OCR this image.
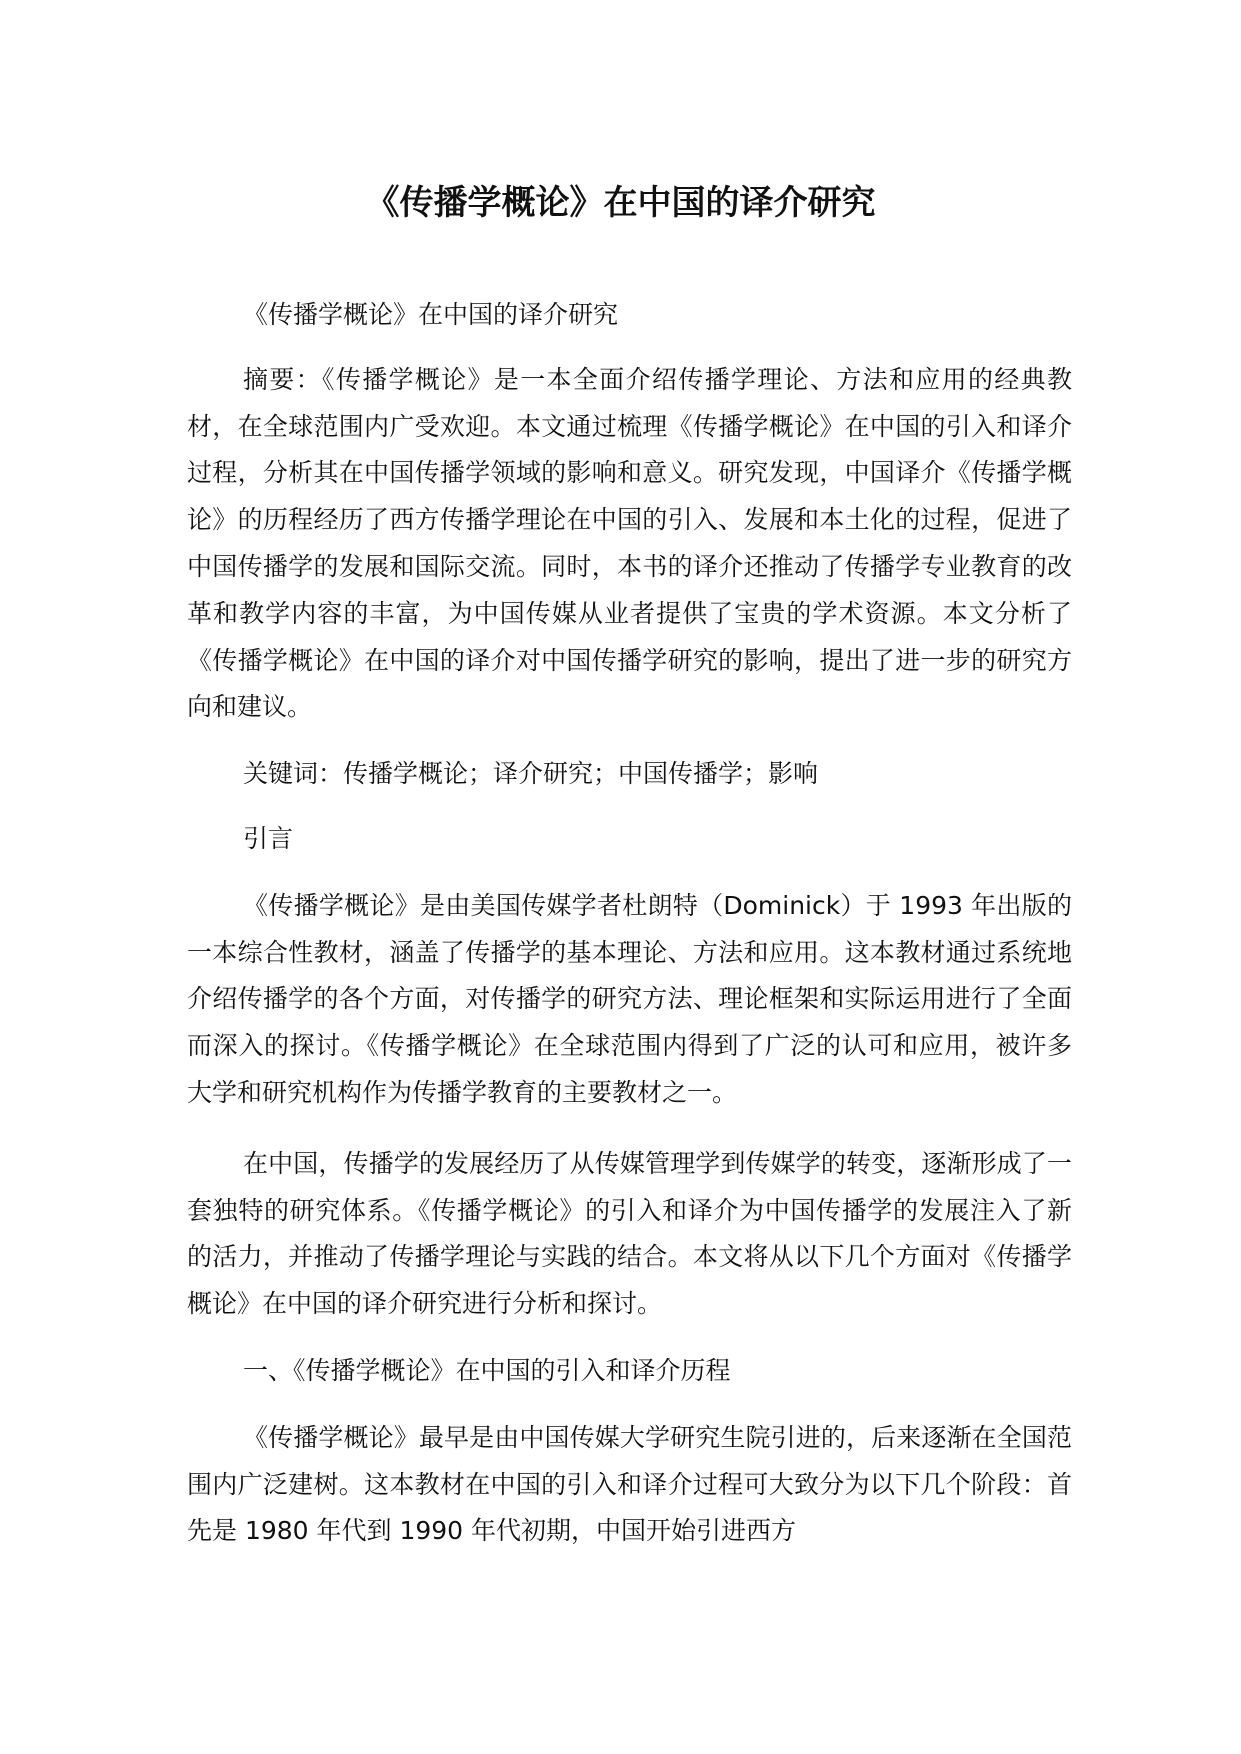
《传播学概论》在中国的译介研究

《传播学概论》在中国的译介研究

摘要：《传播学概论》是一本全面介绍传播学理论、方法和应用的经典教材，在全球范围内广受欢迎。本文通过梳理《传播学概论》在中国的引入和译介过程，分析其在中国传播学领域的影响和意义。研究发现，中国译介《传播学概论》的历程经历了西方传播学理论在中国的引入、发展和本土化的过程，促进了中国传播学的发展和国际交流。同时，本书的译介还推动了传播学专业教育的改革和教学内容的丰富，为中国传媒从业者提供了宝贵的学术资源。本文分析了《传播学概论》在中国的译介对中国传播学研究的影响，提出了进一步的研究方向和建议。

关键词：传播学概论；译介研究；中国传播学；影响

引言

《传播学概论》是由美国传媒学者杜朗特（Dominick）于 1993 年出版的一本综合性教材，涵盖了传播学的基本理论、方法和应用。这本教材通过系统地介绍传播学的各个方面，对传播学的研究方法、理论框架和实际运用进行了全面而深入的探讨。《传播学概论》在全球范围内得到了广泛的认可和应用，被许多大学和研究机构作为传播学教育的主要教材之一。

在中国，传播学的发展经历了从传媒管理学到传媒学的转变，逐渐形成了一套独特的研究体系。《传播学概论》的引入和译介为中国传播学的发展注入了新的活力，并推动了传播学理论与实践的结合。本文将从以下几个方面对《传播学概论》在中国的译介研究进行分析和探讨。

一、《传播学概论》在中国的引入和译介历程

《传播学概论》最早是由中国传媒大学研究生院引进的，后来逐渐在全国范围内广泛建树。这本教材在中国的引入和译介过程可大致分为以下几个阶段：首先是 1980 年代到 1990 年代初期，中国开始引进西方
